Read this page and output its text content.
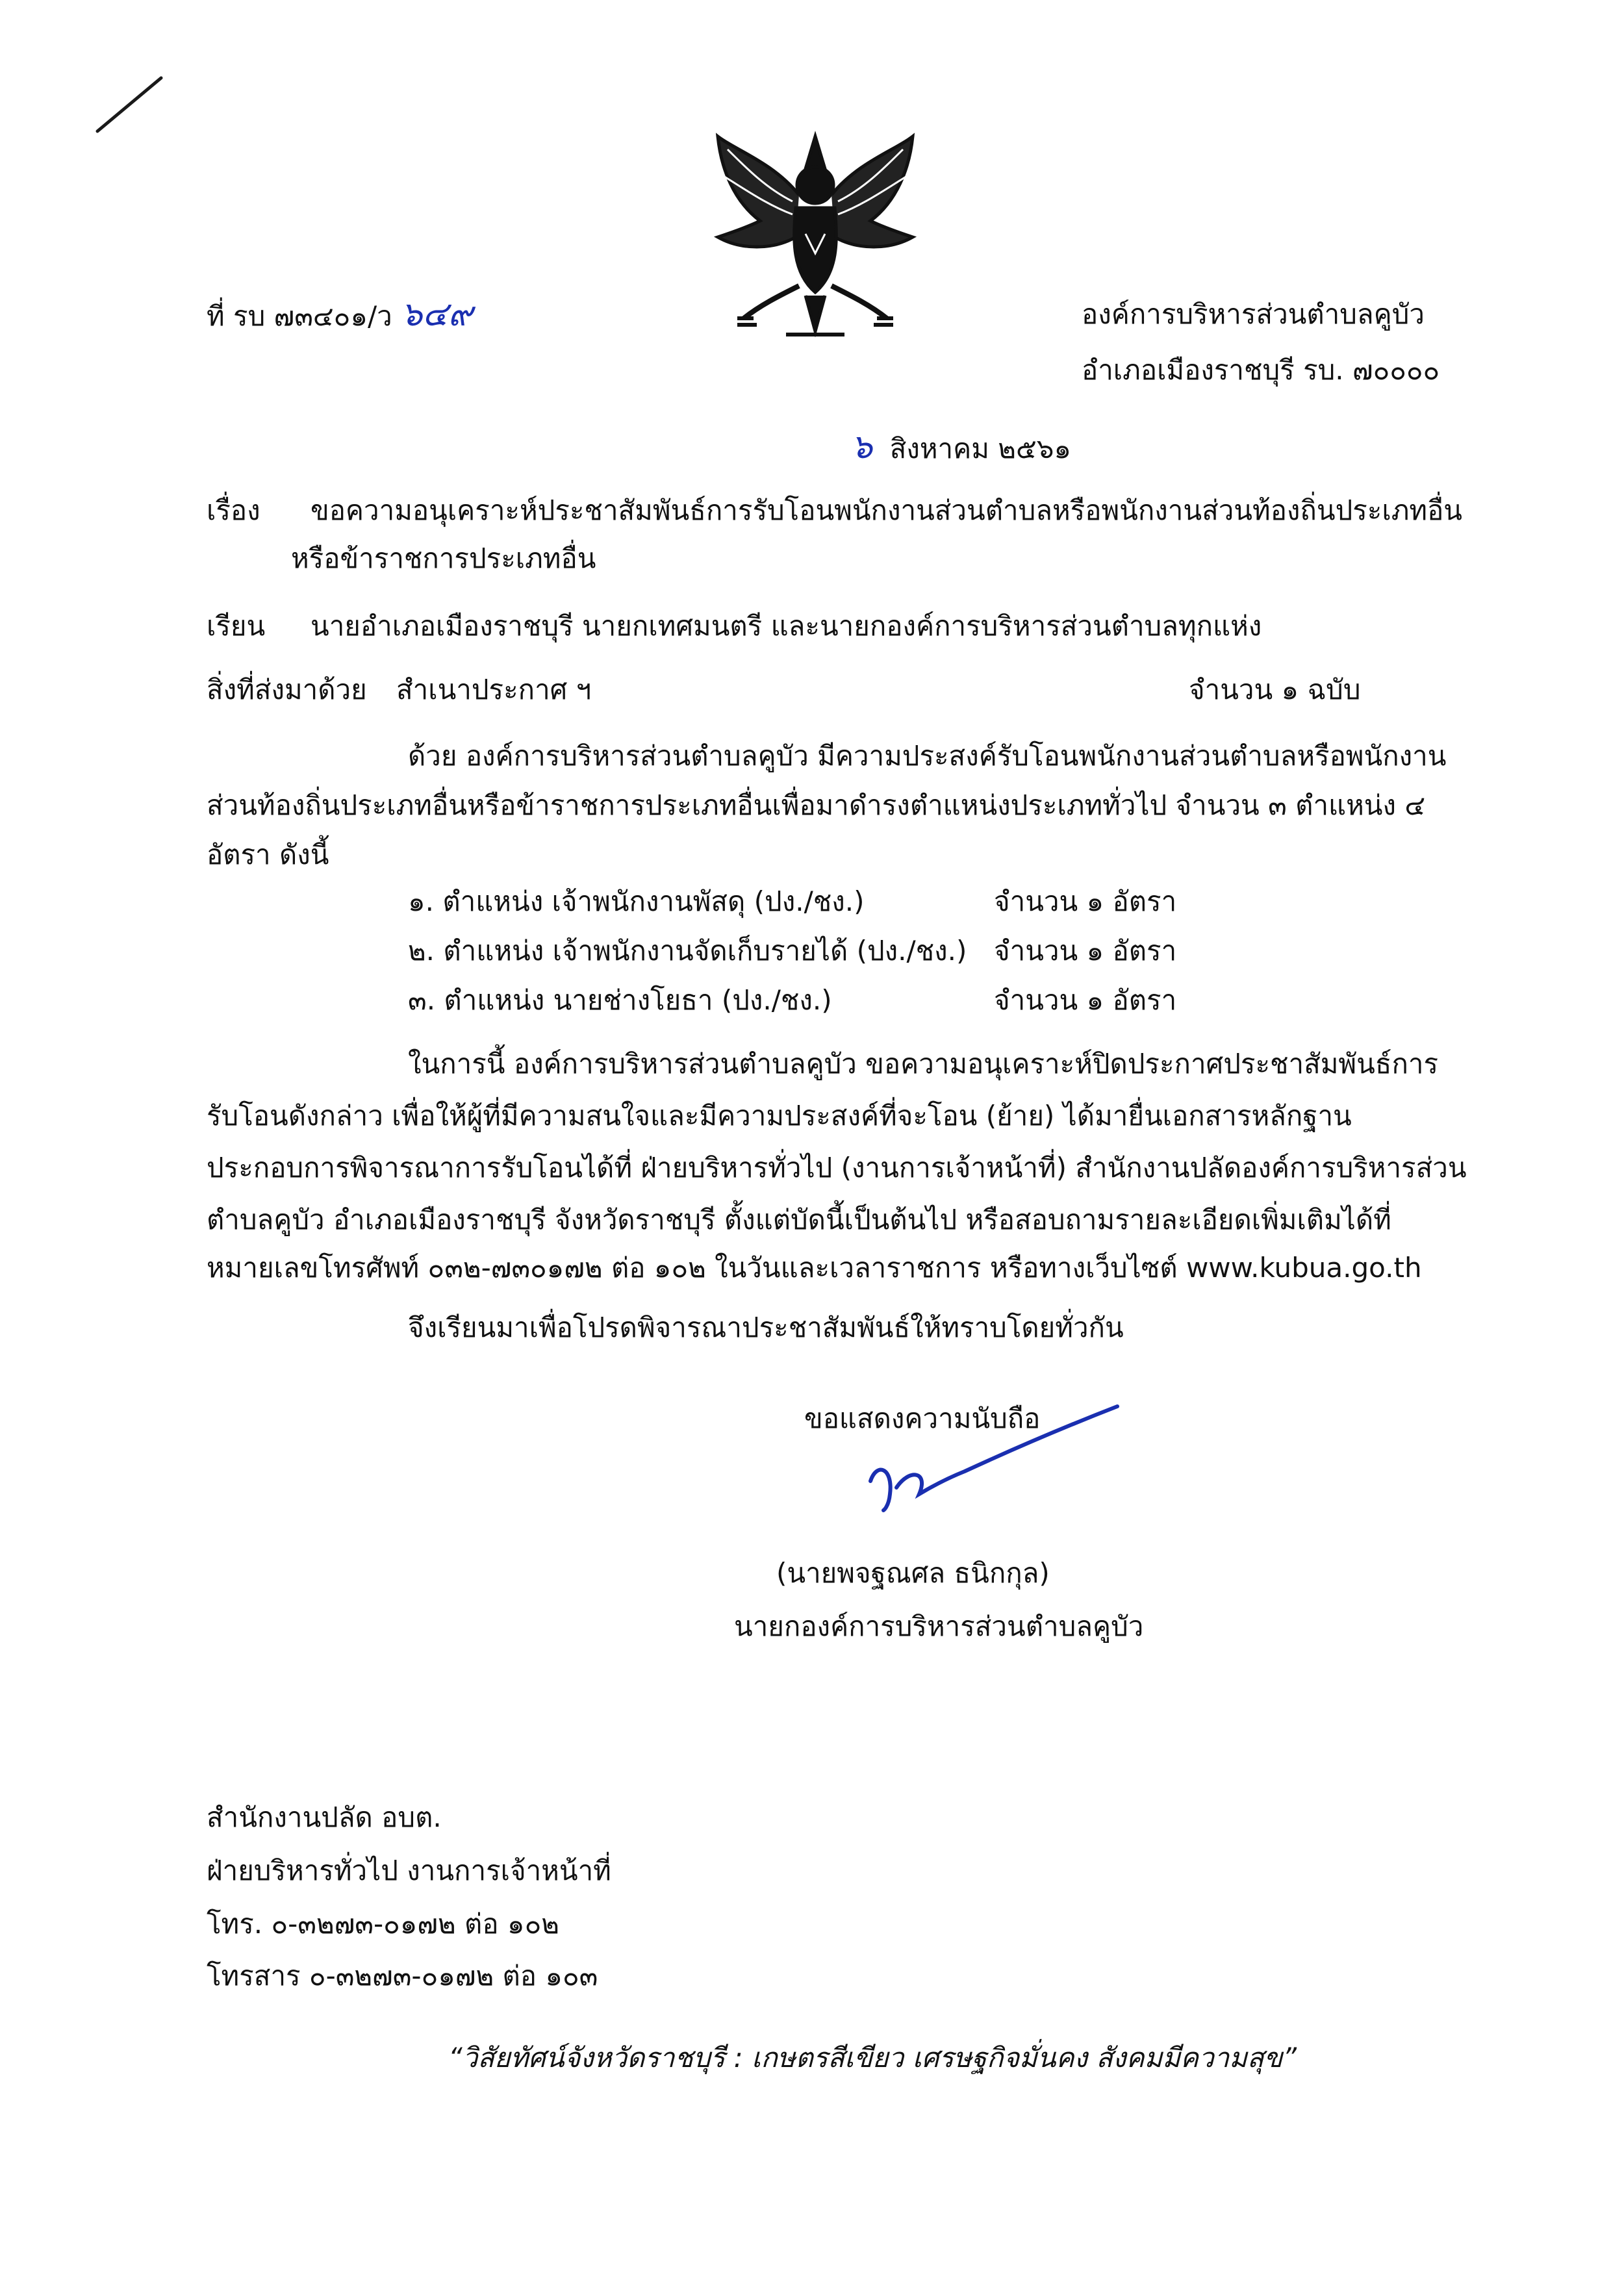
ที่ รบ ๗๓๔๐๑/ว ๖๔๙	องค์การบริหารส่วนตำบลคูบัว
อำเภอเมืองราชบุรี รบ. ๗๐๐๐๐
๖ สิงหาคม ๒๕๖๑
เรื่อง ขอความอนุเคราะห์ประชาสัมพันธ์การรับโอนพนักงานส่วนตำบลหรือพนักงานส่วนท้องถิ่นประเภทอื่น
หรือข้าราชการประเภทอื่น
เรียน นายอำเภอเมืองราชบุรี นายกเทศมนตรี และนายกองค์การบริหารส่วนตำบลทุกแห่ง
สิ่งที่ส่งมาด้วย สำเนาประกาศ ฯ	จำนวน ๑ ฉบับ
ด้วย องค์การบริหารส่วนตำบลคูบัว มีความประสงค์รับโอนพนักงานส่วนตำบลหรือพนักงาน
ส่วนท้องถิ่นประเภทอื่นหรือข้าราชการประเภทอื่นเพื่อมาดำรงตำแหน่งประเภททั่วไป จำนวน ๓ ตำแหน่ง ๔
อัตรา ดังนี้
๑. ตำแหน่ง เจ้าพนักงานพัสดุ (ปง./ชง.)	จำนวน ๑ อัตรา
๒. ตำแหน่ง เจ้าพนักงานจัดเก็บรายได้ (ปง./ชง.) จำนวน ๑ อัตรา
๓. ตำแหน่ง นายช่างโยธา (ปง./ชง.)	จำนวน ๑ อัตรา
ในการนี้ องค์การบริหารส่วนตำบลคูบัว ขอความอนุเคราะห์ปิดประกาศประชาสัมพันธ์การ
รับโอนดังกล่าว เพื่อให้ผู้ที่มีความสนใจและมีความประสงค์ที่จะโอน (ย้าย) ได้มายื่นเอกสารหลักฐาน
ประกอบการพิจารณาการรับโอนได้ที่ ฝ่ายบริหารทั่วไป (งานการเจ้าหน้าที่) สำนักงานปลัดองค์การบริหารส่วน
ตำบลคูบัว อำเภอเมืองราชบุรี จังหวัดราชบุรี ตั้งแต่บัดนี้เป็นต้นไป หรือสอบถามรายละเอียดเพิ่มเติมได้ที่
หมายเลขโทรศัพท์ ๐๓๒-๗๓๐๑๗๒ ต่อ ๑๐๒ ในวันและเวลาราชการ หรือทางเว็บไซต์ www.kubua.go.th
จึงเรียนมาเพื่อโปรดพิจารณาประชาสัมพันธ์ให้ทราบโดยทั่วกัน
ขอแสดงความนับถือ
(นายพจฐณศล ธนิกกุล)
นายกองค์การบริหารส่วนตำบลคูบัว
สำนักงานปลัด อบต.
ฝ่ายบริหารทั่วไป งานการเจ้าหน้าที่
โทร. ๐-๓๒๗๓-๐๑๗๒ ต่อ ๑๐๒
โทรสาร ๐-๓๒๗๓-๐๑๗๒ ต่อ ๑๐๓
“วิสัยทัศน์จังหวัดราชบุรี : เกษตรสีเขียว เศรษฐกิจมั่นคง สังคมมีความสุข”
